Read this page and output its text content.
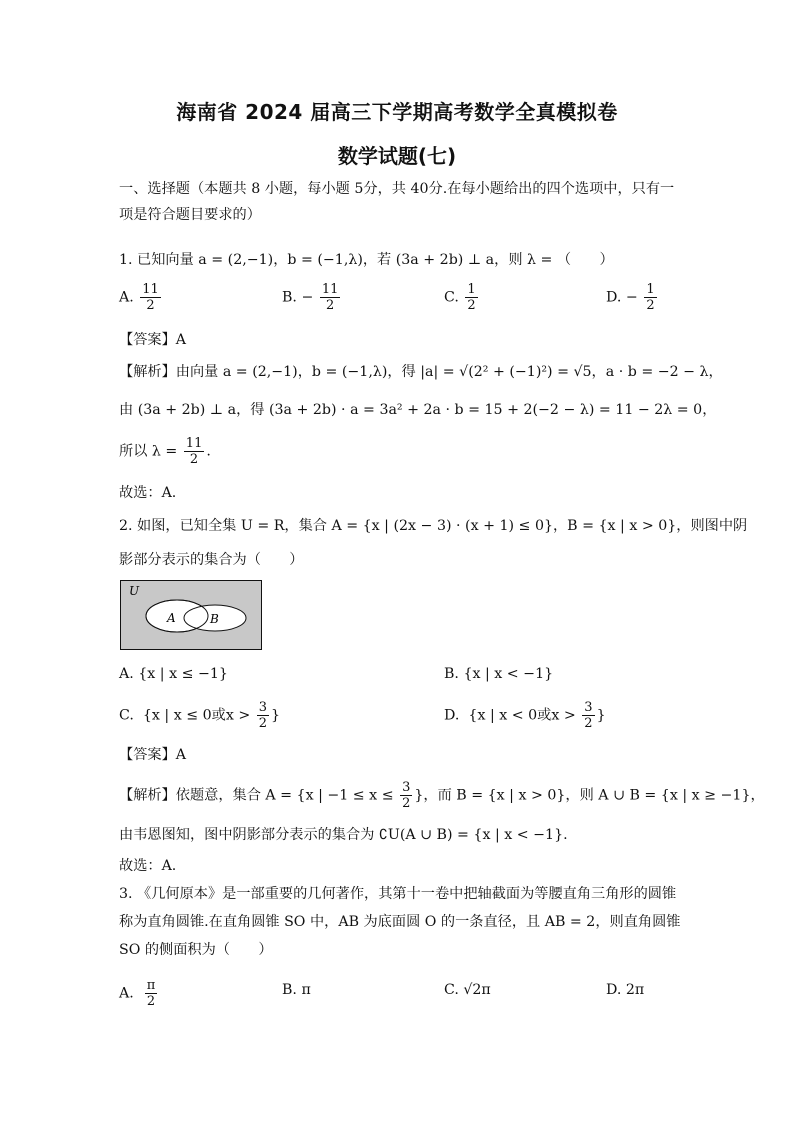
海南省 2024 届高三下学期高考数学全真模拟卷
数学试题(七)
一、选择题（本题共 8 小题，每小题 5分，共 40分.在每小题给出的四个选项中，只有一
项是符合题目要求的）
1. 已知向量 a = (2,−1)，b = (−1,λ)，若 (3a + 2b) ⊥ a，则 λ = （　　）
A. $\frac{11}{2}$	B. − $\frac{11}{2}$	C. $\frac{1}{2}$	D. − $\frac{1}{2}$
【答案】A
【解析】由向量 a = (2,−1)，b = (−1,λ)，得 |a| = √(2² + (−1)²) = √5，a · b = −2 − λ，
由 (3a + 2b) ⊥ a，得 (3a + 2b) · a = 3a² + 2a · b = 15 + 2(−2 − λ) = 11 − 2λ = 0，
所以 $\lambda = \frac{11}{2}$ .
故选：A.
2. 如图，已知全集 U = R，集合 A = {x | (2x − 3) · (x + 1) ≤ 0}，B = {x | x > 0}，则图中阴
影部分表示的集合为（　　）
U
A	B
A. {x | x ≤ −1}	B. {x | x < −1}
C. {x | x ≤ 0或$x > \frac{3}{2}$ }	D. {x | x < 0或$x > \frac{3}{2}$ }
【答案】A
【解析】依题意，集合 A = {x | $-1 \le x \le \frac{3}{2}$ }，而 B = {x | x > 0}，则 A ∪ B = {x | x ≥ −1}，
由韦恩图知，图中阴影部分表示的集合为 ∁U(A ∪ B) = {x | x < −1}.
故选：A.
3. 《几何原本》是一部重要的几何著作，其第十一卷中把轴截面为等腰直角三角形的圆锥
称为直角圆锥.在直角圆锥 SO 中，AB 为底面圆 O 的一条直径，且 AB = 2，则直角圆锥
SO 的侧面积为（　　）
A. $\frac{\pi}{2}$	B. π	C. √2π	D. 2π
